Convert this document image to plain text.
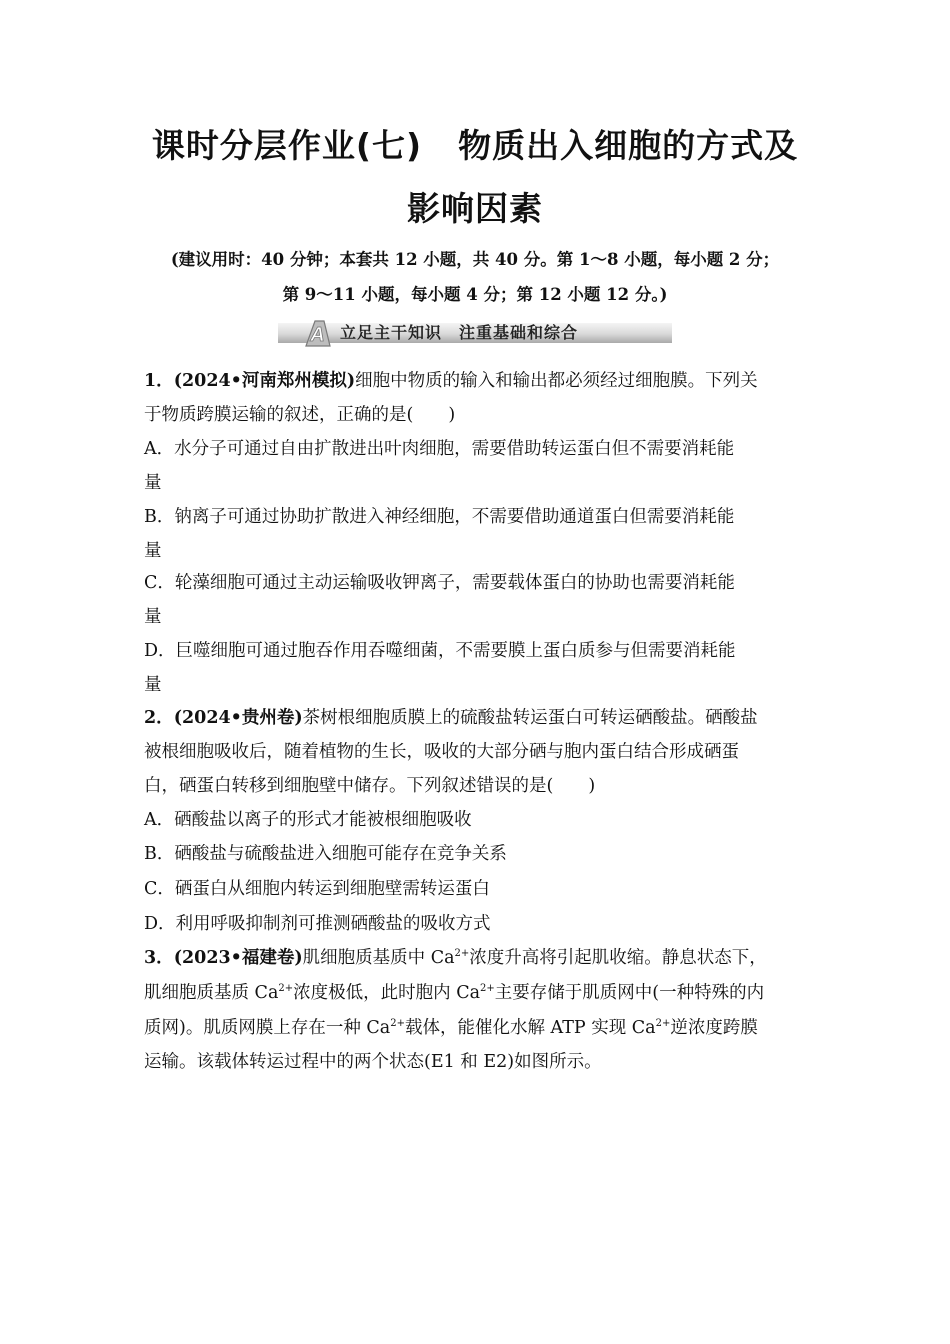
课时分层作业(七) 物质出入细胞的方式及
影响因素
(建议用时：40 分钟；本套共 12 小题，共 40 分。第 1～8 小题，每小题 2 分；
第 9～11 小题，每小题 4 分；第 12 小题 12 分。)
A 立足主干知识　注重基础和综合
1．(2024•河南郑州模拟)细胞中物质的输入和输出都必须经过细胞膜。下列关
于物质跨膜运输的叙述，正确的是(　　)
A．水分子可通过自由扩散进出叶肉细胞，需要借助转运蛋白但不需要消耗能
量
B．钠离子可通过协助扩散进入神经细胞，不需要借助通道蛋白但需要消耗能
量
C．轮藻细胞可通过主动运输吸收钾离子，需要载体蛋白的协助也需要消耗能
量
D．巨噬细胞可通过胞吞作用吞噬细菌，不需要膜上蛋白质参与但需要消耗能
量
2．(2024•贵州卷)茶树根细胞质膜上的硫酸盐转运蛋白可转运硒酸盐。硒酸盐
被根细胞吸收后，随着植物的生长，吸收的大部分硒与胞内蛋白结合形成硒蛋
白，硒蛋白转移到细胞壁中储存。下列叙述错误的是(　　)
A．硒酸盐以离子的形式才能被根细胞吸收
B．硒酸盐与硫酸盐进入细胞可能存在竞争关系
C．硒蛋白从细胞内转运到细胞壁需转运蛋白
D．利用呼吸抑制剂可推测硒酸盐的吸收方式
3．(2023•福建卷)肌细胞质基质中 $Ca^{2+}$浓度升高将引起肌收缩。静息状态下，
肌细胞质基质 $Ca^{2+}$浓度极低，此时胞内 $Ca^{2+}$主要存储于肌质网中(一种特殊的内
质网)。肌质网膜上存在一种 $Ca^{2+}$载体，能催化水解 ATP 实现 $Ca^{2+}$逆浓度跨膜
运输。该载体转运过程中的两个状态(E1 和 E2)如图所示。
